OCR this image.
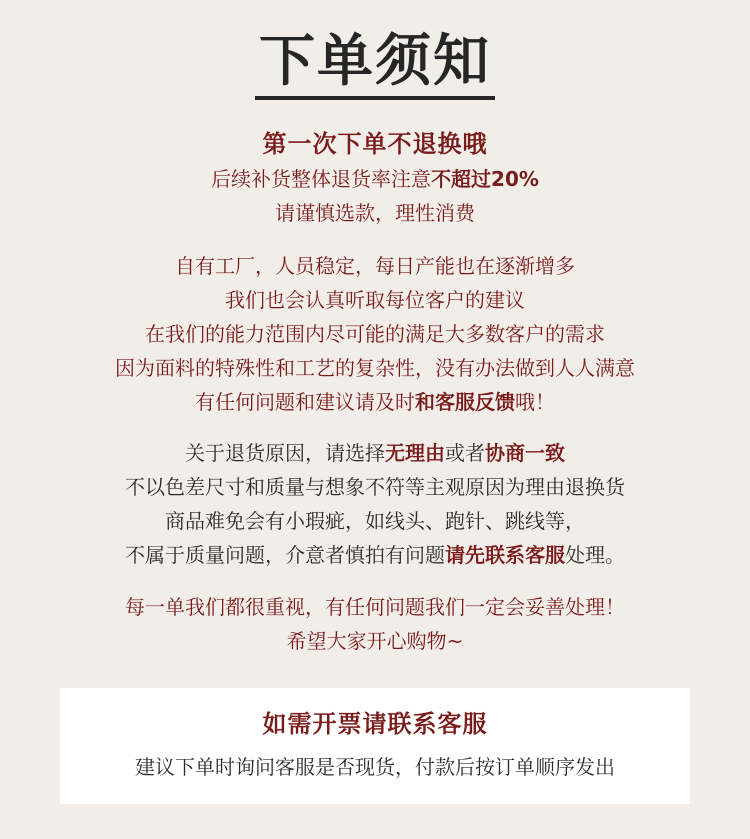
下单须知
第一次下单不退换哦
后续补货整体退货率注意不超过20%
请谨慎选款，理性消费
自有工厂，人员稳定，每日产能也在逐渐增多
我们也会认真听取每位客户的建议
在我们的能力范围内尽可能的满足大多数客户的需求
因为面料的特殊性和工艺的复杂性，没有办法做到人人满意
有任何问题和建议请及时和客服反馈哦！
关于退货原因，请选择无理由或者协商一致
不以色差尺寸和质量与想象不符等主观原因为理由退换货
商品难免会有小瑕疵，如线头、跑针、跳线等，
不属于质量问题，介意者慎拍有问题请先联系客服处理。
每一单我们都很重视，有任何问题我们一定会妥善处理！
希望大家开心购物~
如需开票请联系客服
建议下单时询问客服是否现货，付款后按订单顺序发出
